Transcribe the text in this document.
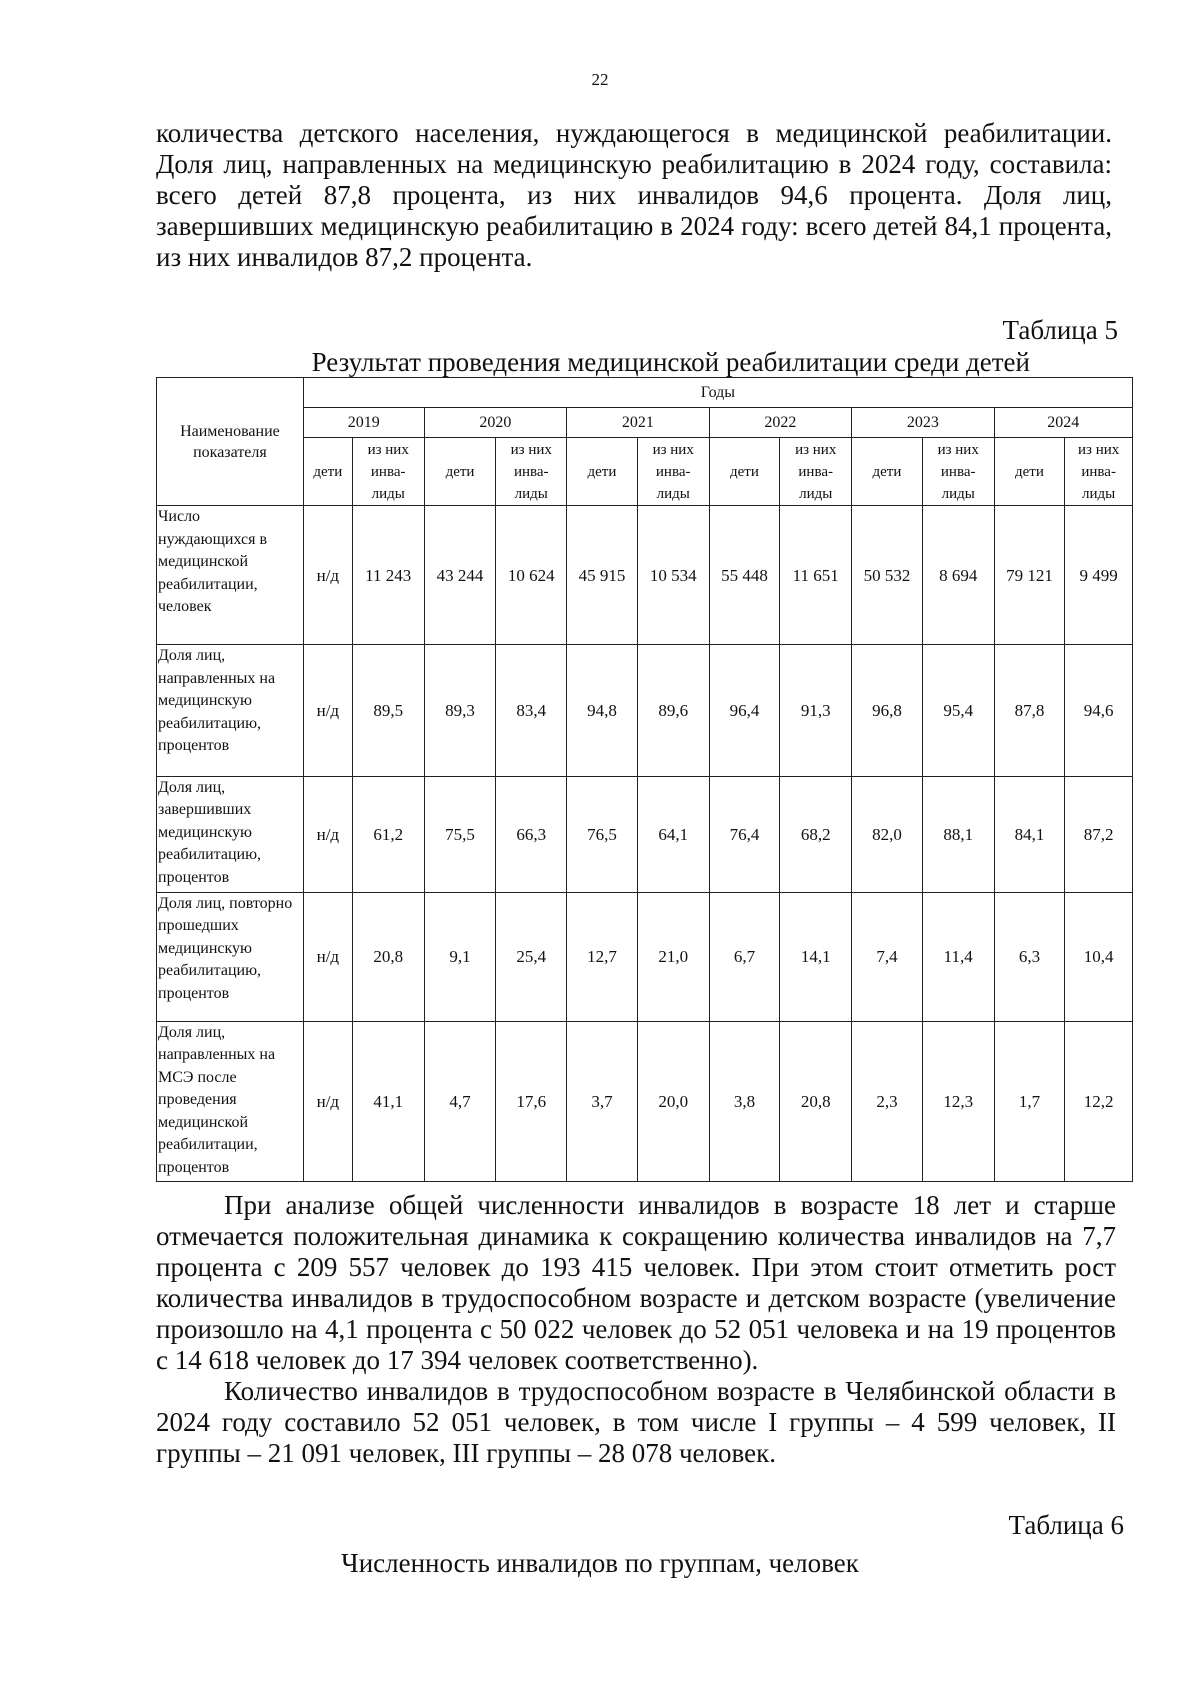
22

количества детского населения, нуждающегося в медицинской реабилитации. Доля лиц, направленных на медицинскую реабилитацию в 2024 году, составила: всего детей 87,8 процента, из них инвалидов 94,6 процента. Доля лиц, завершивших медицинскую реабилитацию в 2024 году: всего детей 84,1 процента, из них инвалидов 87,2 процента.

Таблица 5
Результат проведения медицинской реабилитации среди детей
Наименование показателя	Годы											
	2019		2020		2021		2022		2023		2024	
	дети	из них инва-лиды	дети	из них инва-лиды	дети	из них инва-лиды	дети	из них инва-лиды	дети	из них инва-лиды	дети	из них инва-лиды
Число нуждающихся в медицинской реабилитации, человек	н/д	11 243	43 244	10 624	45 915	10 534	55 448	11 651	50 532	8 694	79 121	9 499
Доля лиц, направленных на медицинскую реабилитацию, процентов	н/д	89,5	89,3	83,4	94,8	89,6	96,4	91,3	96,8	95,4	87,8	94,6
Доля лиц, завершивших медицинскую реабилитацию, процентов	н/д	61,2	75,5	66,3	76,5	64,1	76,4	68,2	82,0	88,1	84,1	87,2
Доля лиц, повторно прошедших медицинскую реабилитацию, процентов	н/д	20,8	9,1	25,4	12,7	21,0	6,7	14,1	7,4	11,4	6,3	10,4
Доля лиц, направленных на МСЭ после проведения медицинской реабилитации, процентов	н/д	41,1	4,7	17,6	3,7	20,0	3,8	20,8	2,3	12,3	1,7	12,2

При анализе общей численности инвалидов в возрасте 18 лет и старше отмечается положительная динамика к сокращению количества инвалидов на 7,7 процента с 209 557 человек до 193 415 человек. При этом стоит отметить рост количества инвалидов в трудоспособном возрасте и детском возрасте (увеличение произошло на 4,1 процента с 50 022 человек до 52 051 человека и на 19 процентов с 14 618 человек до 17 394 человек соответственно).

Количество инвалидов в трудоспособном возрасте в Челябинской области в 2024 году составило 52 051 человек, в том числе I группы – 4 599 человек, II группы – 21 091 человек, III группы – 28 078 человек.

Таблица 6
Численность инвалидов по группам, человек
